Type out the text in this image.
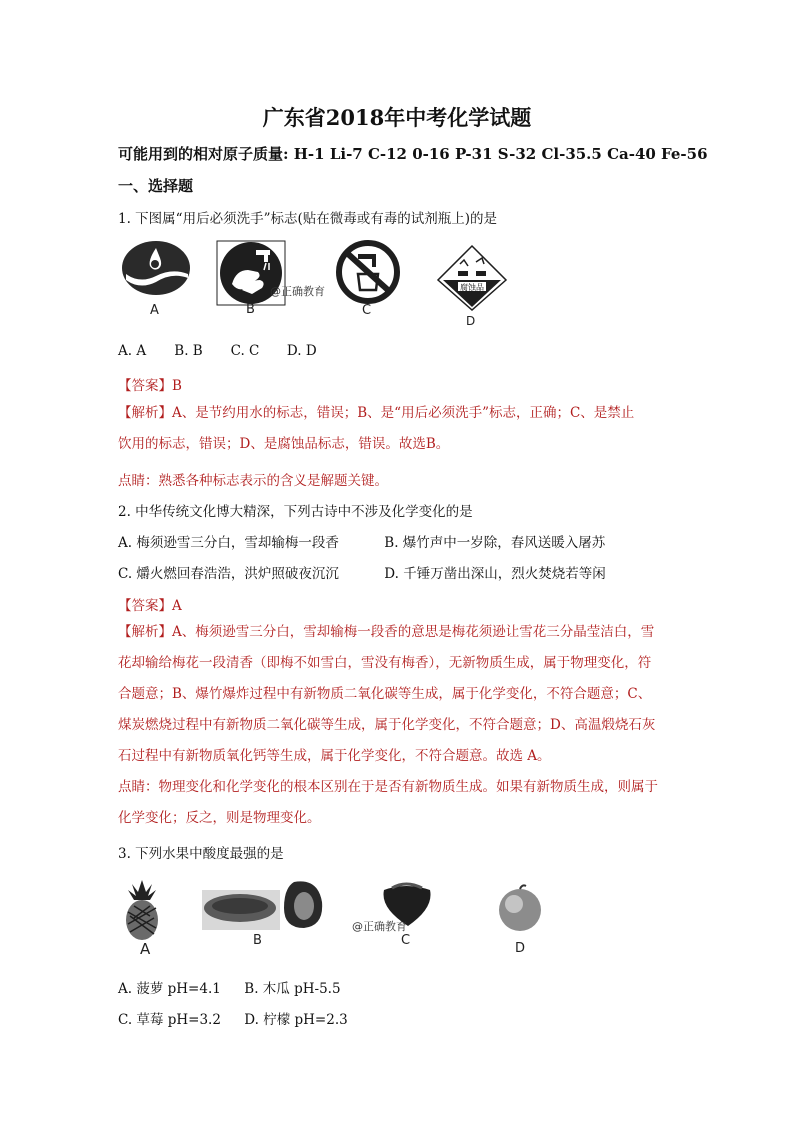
广东省2018年中考化学试题
可能用到的相对原子质量: H-1 Li-7 C-12 0-16 P-31 S-32 Cl-35.5 Ca-40 Fe-56
一、选择题
1. 下图属“用后必须洗手”标志(贴在微毒或有毒的试剂瓶上)的是
A
@正确教育
B	C
腐蚀品
D
A. A B. B C. C D. D
【答案】B
【解析】A、是节约用水的标志，错误；B、是“用后必须洗手”标志，正确；C、是禁止
饮用的标志，错误；D、是腐蚀品标志，错误。故选B。
点睛：熟悉各种标志表示的含义是解题关键。
2. 中华传统文化博大精深，下列古诗中不涉及化学变化的是
A. 梅须逊雪三分白，雪却输梅一段香	B. 爆竹声中一岁除，春风送暖入屠苏
C. 爝火燃回春浩浩，洪炉照破夜沉沉	D. 千锤万凿出深山，烈火焚烧若等闲
【答案】A
【解析】A、梅须逊雪三分白，雪却输梅一段香的意思是梅花须逊让雪花三分晶莹洁白，雪
花却输给梅花一段清香（即梅不如雪白，雪没有梅香），无新物质生成，属于物理变化，符
合题意；B、爆竹爆炸过程中有新物质二氧化碳等生成，属于化学变化，不符合题意；C、
煤炭燃烧过程中有新物质二氧化碳等生成，属于化学变化，不符合题意；D、高温煅烧石灰
石过程中有新物质氧化钙等生成，属于化学变化，不符合题意。故选 A。
点睛：物理变化和化学变化的根本区别在于是否有新物质生成。如果有新物质生成，则属于
化学变化；反之，则是物理变化。
3. 下列水果中酸度最强的是
A	B
@正确教育
C
D
A. 菠萝 pH=4.1 B. 木瓜 pH-5.5
C. 草莓 pH=3.2 D. 柠檬 pH=2.3
